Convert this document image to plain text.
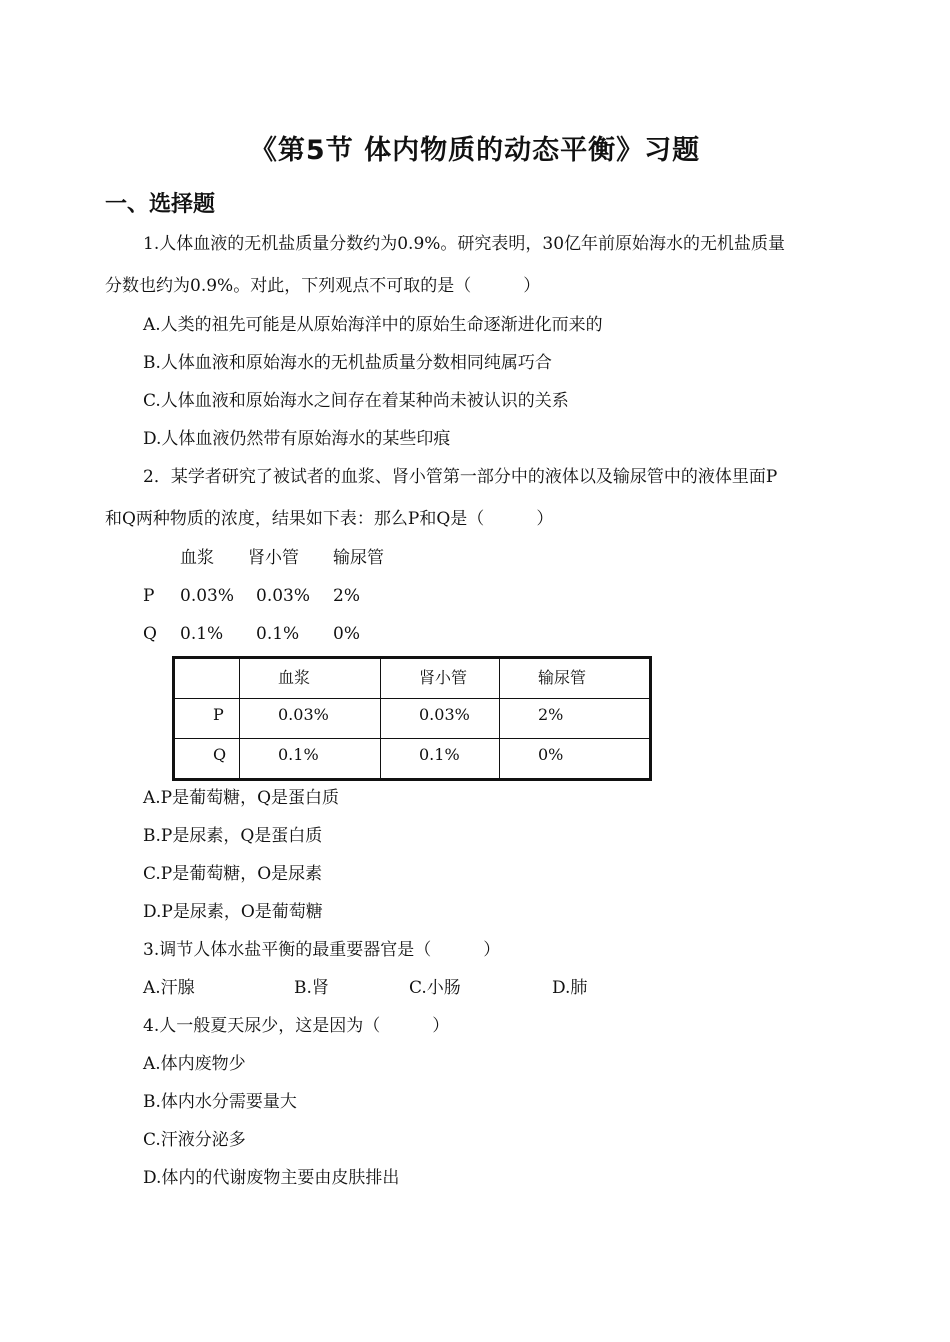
《第5节 体内物质的动态平衡》习题
一、选择题
1.人体血液的无机盐质量分数约为0.9%。研究表明，30亿年前原始海水的无机盐质量
分数也约为0.9%。对此，下列观点不可取的是（	）
A.人类的祖先可能是从原始海洋中的原始生命逐渐进化而来的
B.人体血液和原始海水的无机盐质量分数相同纯属巧合
C.人体血液和原始海水之间存在着某种尚未被认识的关系
D.人体血液仍然带有原始海水的某些印痕
2．某学者研究了被试者的血浆、肾小管第一部分中的液体以及输尿管中的液体里面P
和Q两种物质的浓度，结果如下表：那么P和Q是（	）
血浆 肾小管 输尿管
P 0.03% 0.03% 2%
Q 0.1% 0.1% 0%

	血浆	肾小管	输尿管

P	0.03%	0.03%	2%

Q	0.1%	0.1%	0%
A.P是葡萄糖，Q是蛋白质
B.P是尿素，Q是蛋白质
C.P是葡萄糖，O是尿素
D.P是尿素，O是葡萄糖
3.调节人体水盐平衡的最重要器官是（	）
A.汗腺	B.肾	C.小肠	D.肺
4.人一般夏天尿少，这是因为（	）
A.体内废物少
B.体内水分需要量大
C.汗液分泌多
D.体内的代谢废物主要由皮肤排出
